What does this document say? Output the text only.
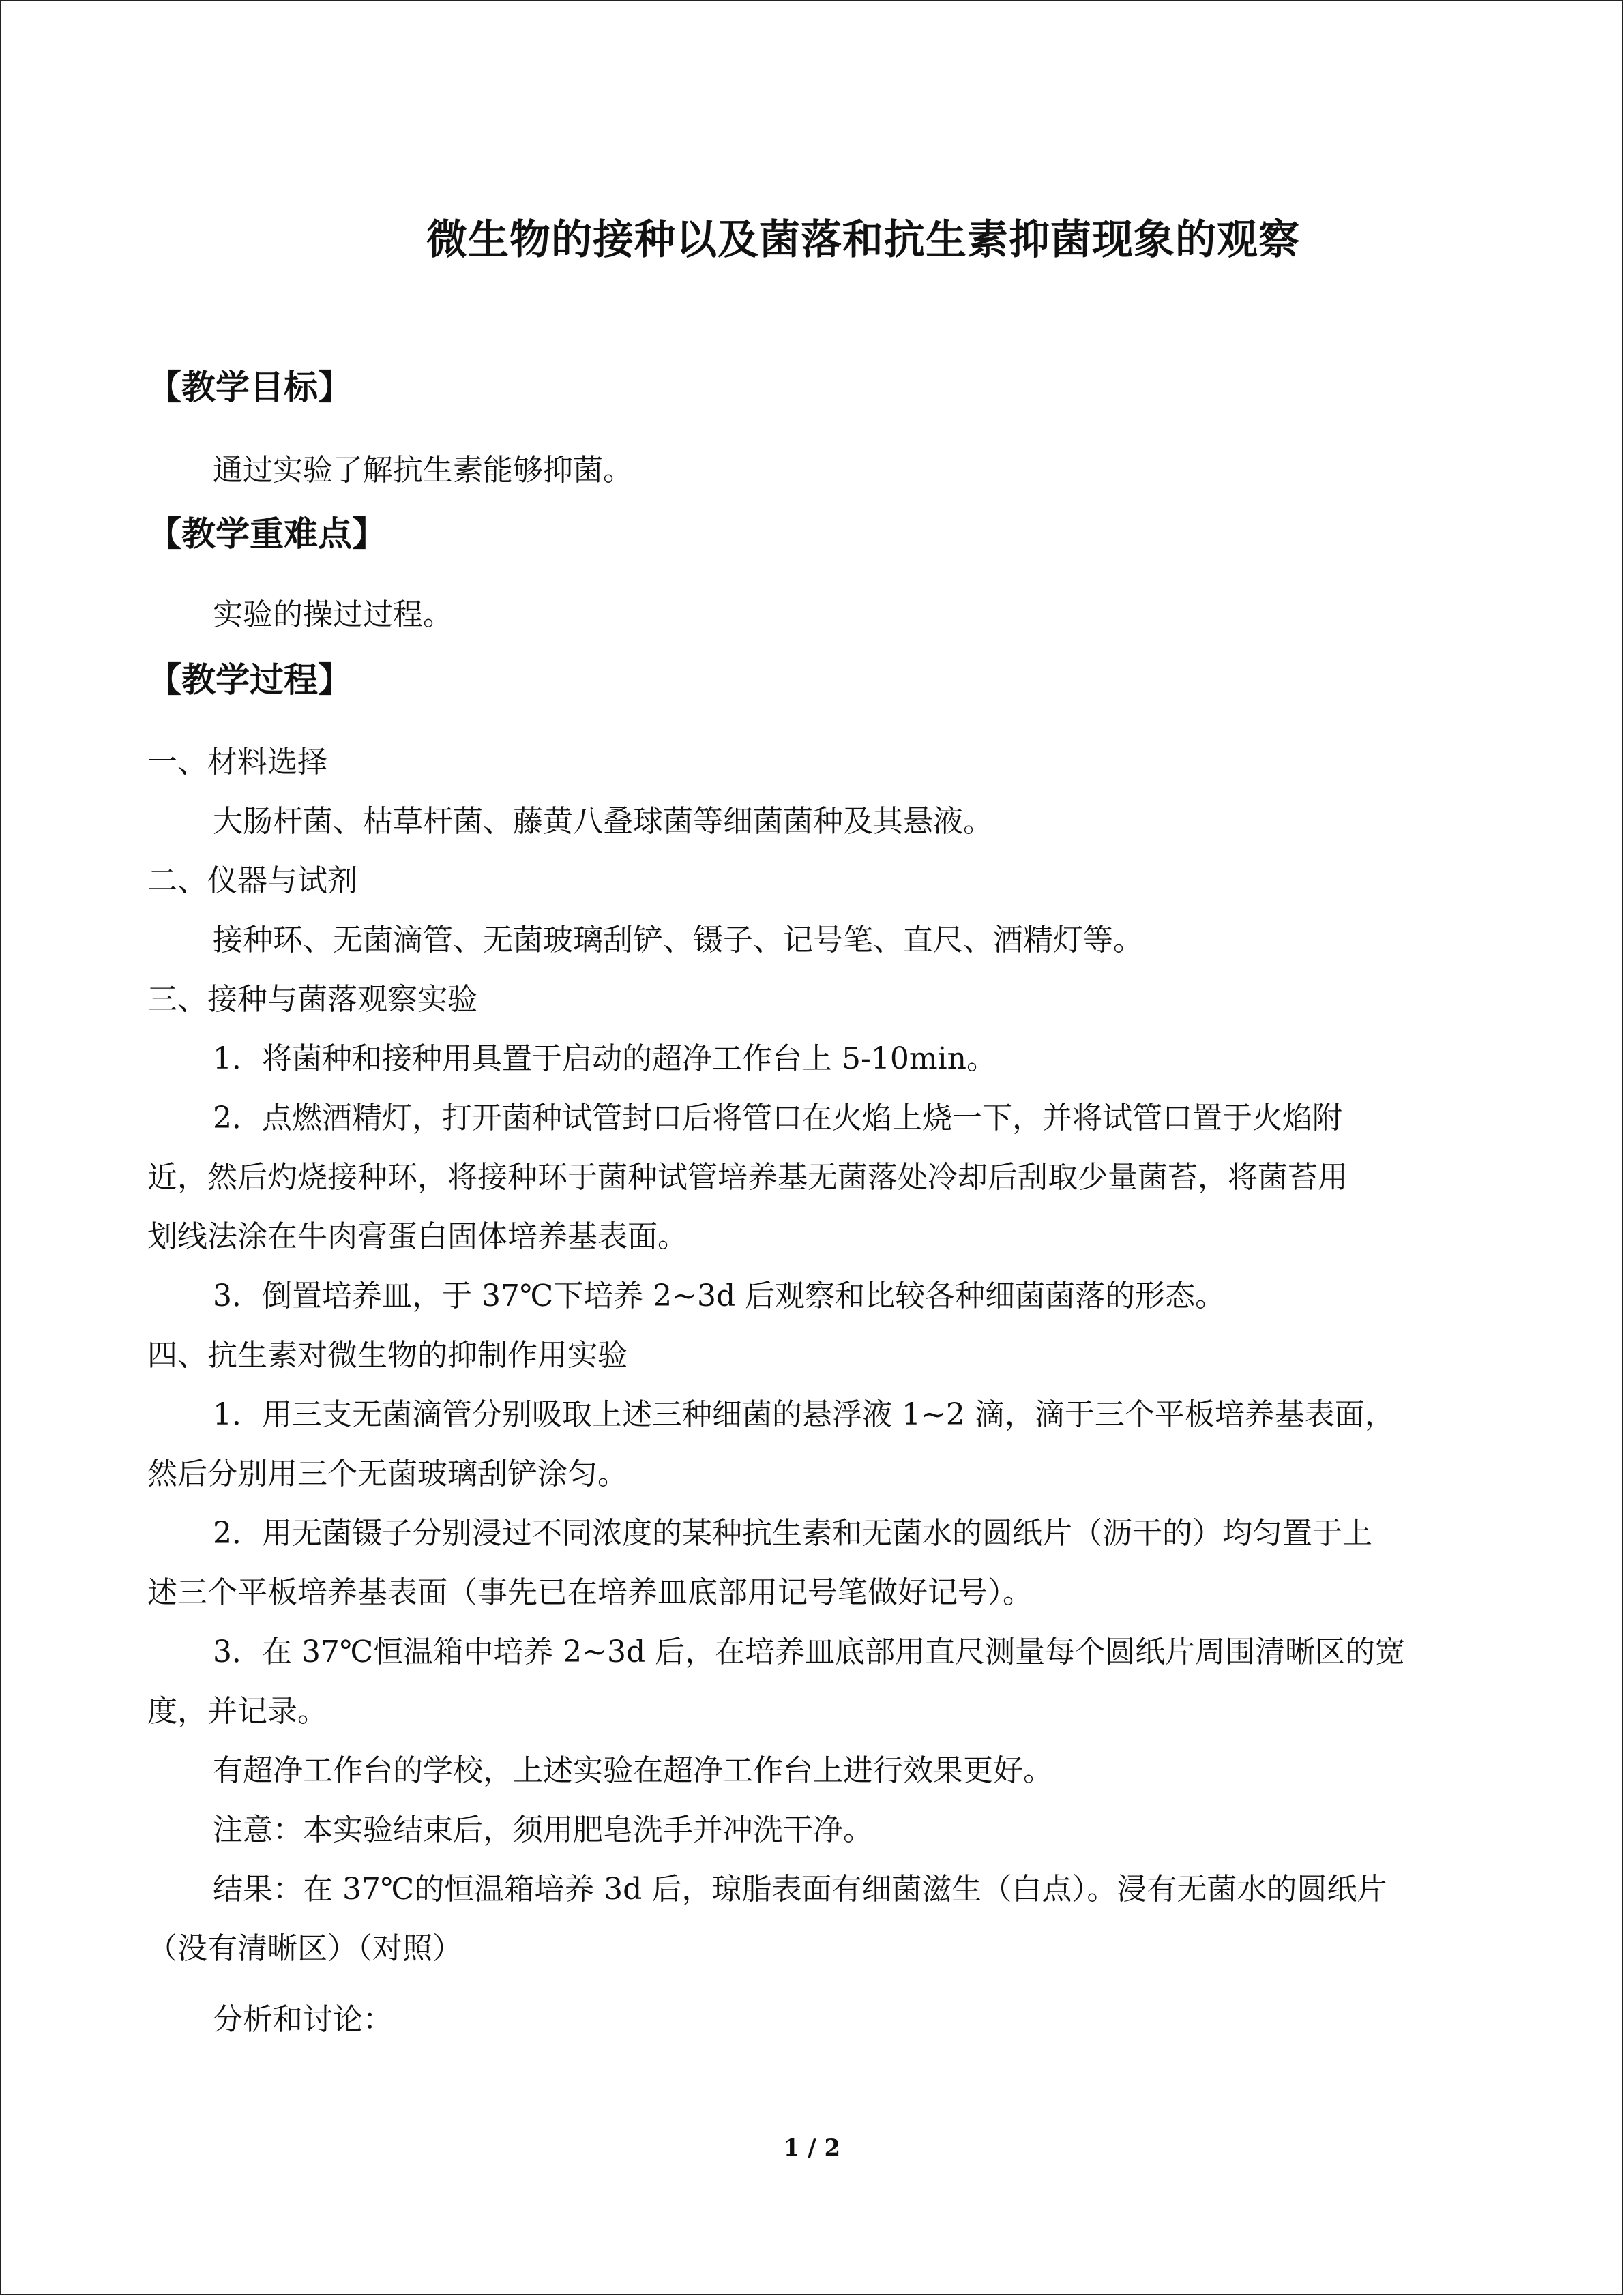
微生物的接种以及菌落和抗生素抑菌现象的观察
【教学目标】
通过实验了解抗生素能够抑菌。
【教学重难点】
实验的操过过程。
【教学过程】
一、材料选择
大肠杆菌、枯草杆菌、藤黄八叠球菌等细菌菌种及其悬液。
二、仪器与试剂
接种环、无菌滴管、无菌玻璃刮铲、镊子、记号笔、直尺、酒精灯等。
三、接种与菌落观察实验
1．将菌种和接种用具置于启动的超净工作台上 5-10min。
2．点燃酒精灯，打开菌种试管封口后将管口在火焰上烧一下，并将试管口置于火焰附
近，然后灼烧接种环，将接种环于菌种试管培养基无菌落处冷却后刮取少量菌苔，将菌苔用
划线法涂在牛肉膏蛋白固体培养基表面。
3．倒置培养皿，于 37℃下培养 2~3d 后观察和比较各种细菌菌落的形态。
四、抗生素对微生物的抑制作用实验
1．用三支无菌滴管分别吸取上述三种细菌的悬浮液 1~2 滴，滴于三个平板培养基表面，
然后分别用三个无菌玻璃刮铲涂匀。
2．用无菌镊子分别浸过不同浓度的某种抗生素和无菌水的圆纸片（沥干的）均匀置于上
述三个平板培养基表面（事先已在培养皿底部用记号笔做好记号）。
3．在 37℃恒温箱中培养 2~3d 后，在培养皿底部用直尺测量每个圆纸片周围清晰区的宽
度，并记录。
有超净工作台的学校，上述实验在超净工作台上进行效果更好。
注意：本实验结束后，须用肥皂洗手并冲洗干净。
结果：在 37℃的恒温箱培养 3d 后，琼脂表面有细菌滋生（白点）。浸有无菌水的圆纸片
（没有清晰区）（对照）
分析和讨论：
1 / 2
